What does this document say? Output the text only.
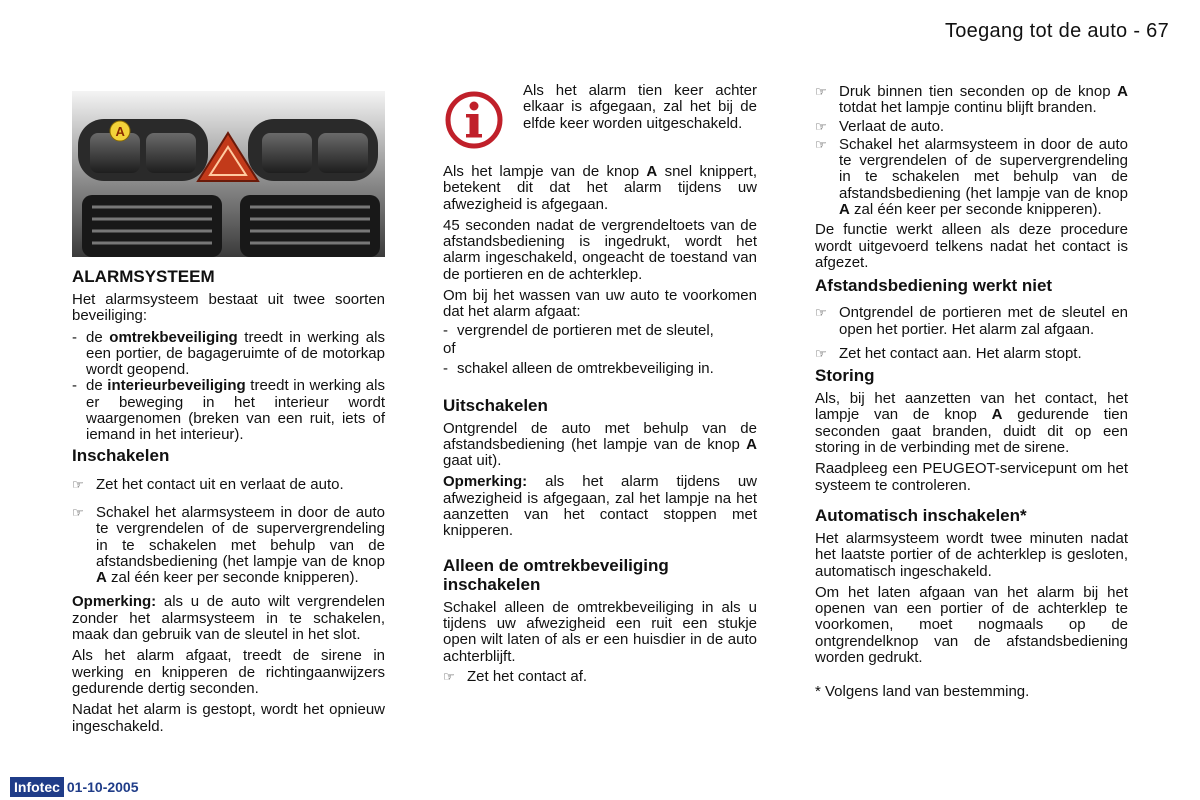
Toegang tot de auto - 67
A
ALARMSYSTEEM

Het alarmsysteem bestaat uit twee soorten beveiliging:

- de omtrekbeveiliging treedt in werking als een portier, de bagageruimte of de motorkap wordt geopend.
- de interieurbeveiliging treedt in werking als er beweging in het interieur wordt waargenomen (breken van een ruit, iets of iemand in het interieur).
Inschakelen
☞ Zet het contact uit en verlaat de auto.
☞ Schakel het alarmsysteem in door de auto te vergrendelen of de supervergrendeling in te schakelen met behulp van de afstandsbediening (het lampje van de knop A zal één keer per seconde knipperen).

Opmerking: als u de auto wilt vergrendelen zonder het alarmsysteem in te schakelen, maak dan gebruik van de sleutel in het slot.

Als het alarm afgaat, treedt de sirene in werking en knipperen de richtingaanwijzers gedurende dertig seconden.

Nadat het alarm is gestopt, wordt het opnieuw ingeschakeld.

Als het alarm tien keer achter elkaar is afgegaan, zal het bij de elfde keer worden uitgeschakeld.

Als het lampje van de knop A snel knippert, betekent dit dat het alarm tijdens uw afwezigheid is afgegaan.

45 seconden nadat de vergrendeltoets van de afstandsbediening is ingedrukt, wordt het alarm ingeschakeld, ongeacht de toestand van de portieren en de achterklep.

Om bij het wassen van uw auto te voorkomen dat het alarm afgaat:

- vergrendel de portieren met de sleutel,

of

- schakel alleen de omtrekbeveiliging in.
Uitschakelen

Ontgrendel de auto met behulp van de afstandsbediening (het lampje van de knop A gaat uit).

Opmerking: als het alarm tijdens uw afwezigheid is afgegaan, zal het lampje na het aanzetten van het contact stoppen met knipperen.

Alleen de omtrekbeveiliging inschakelen

Schakel alleen de omtrekbeveiliging in als u tijdens uw afwezigheid een ruit een stukje open wilt laten of als er een huisdier in de auto achterblijft.

☞ Zet het contact af.
☞ Druk binnen tien seconden op de knop A totdat het lampje continu blijft branden.
☞ Verlaat de auto.
☞ Schakel het alarmsysteem in door de auto te vergrendelen of de supervergrendeling in te schakelen met behulp van de afstandsbediening (het lampje van de knop A zal één keer per seconde knipperen).

De functie werkt alleen als deze procedure wordt uitgevoerd telkens nadat het contact is afgezet.

Afstandsbediening werkt niet
☞ Ontgrendel de portieren met de sleutel en open het portier. Het alarm zal afgaan.
☞ Zet het contact aan. Het alarm stopt.
Storing

Als, bij het aanzetten van het contact, het lampje van de knop A gedurende tien seconden gaat branden, duidt dit op een storing in de verbinding met de sirene.

Raadpleeg een PEUGEOT-servicepunt om het systeem te controleren.

Automatisch inschakelen*

Het alarmsysteem wordt twee minuten nadat het laatste portier of de achterklep is gesloten, automatisch ingeschakeld.

Om het laten afgaan van het alarm bij het openen van een portier of de achterklep te voorkomen, moet nogmaals op de ontgrendelknop van de afstandsbediening worden gedrukt.

* Volgens land van bestemming.

Infotec 01-10-2005
